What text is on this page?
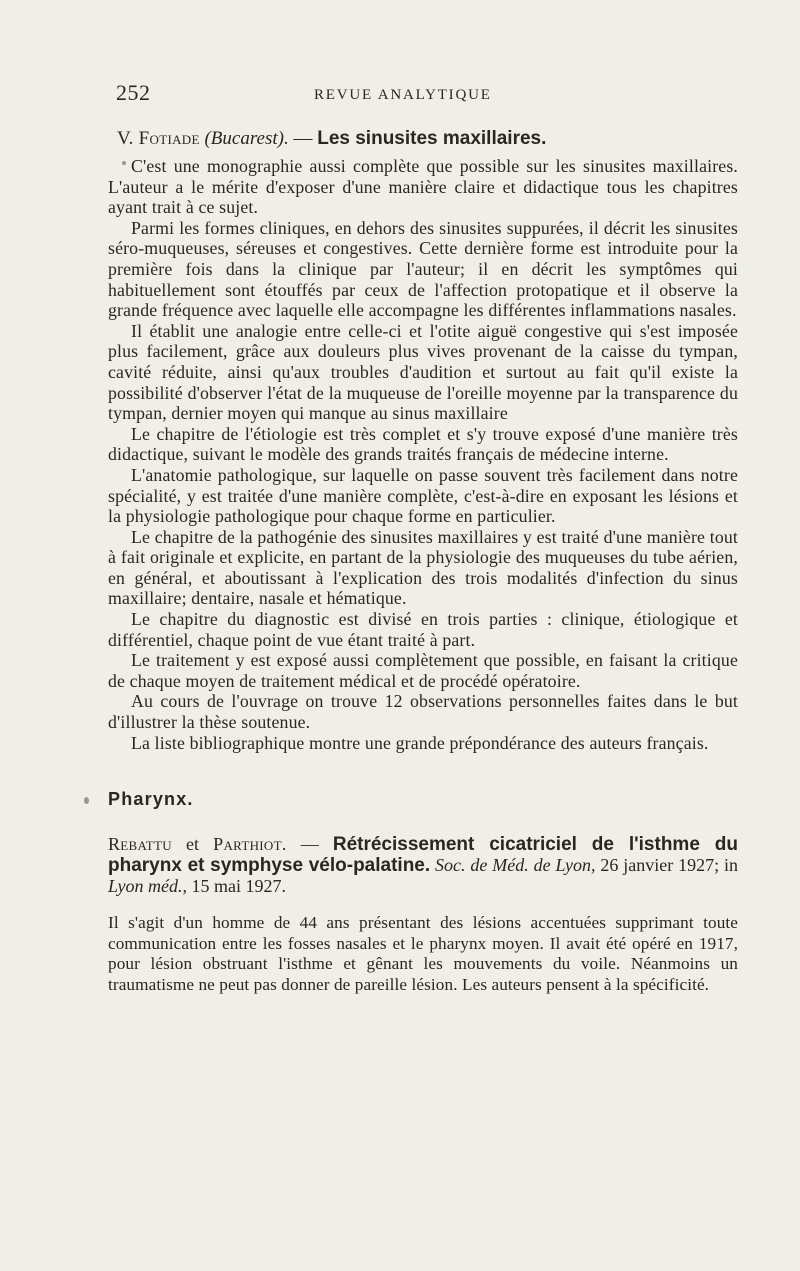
252	REVUE ANALYTIQUE
V. Fotiade (Bucarest). — Les sinusites maxillaires.

C'est une monographie aussi complète que possible sur les sinusites maxillaires. L'auteur a le mérite d'exposer d'une manière claire et didactique tous les chapitres ayant trait à ce sujet.

Parmi les formes cliniques, en dehors des sinusites suppurées, il décrit les sinusites séro-muqueuses, séreuses et congestives. Cette dernière forme est introduite pour la première fois dans la clinique par l'auteur; il en décrit les symptômes qui habituellement sont étouffés par ceux de l'affection protopatique et il observe la grande fréquence avec laquelle elle accompagne les différentes inflammations nasales.

Il établit une analogie entre celle-ci et l'otite aiguë congestive qui s'est imposée plus facilement, grâce aux douleurs plus vives provenant de la caisse du tympan, cavité réduite, ainsi qu'aux troubles d'audition et surtout au fait qu'il existe la possibilité d'observer l'état de la muqueuse de l'oreille moyenne par la transparence du tympan, dernier moyen qui manque au sinus maxillaire

Le chapitre de l'étiologie est très complet et s'y trouve exposé d'une manière très didactique, suivant le modèle des grands traités français de médecine interne.

L'anatomie pathologique, sur laquelle on passe souvent très facilement dans notre spécialité, y est traitée d'une manière complète, c'est-à-dire en exposant les lésions et la physiologie pathologique pour chaque forme en particulier.

Le chapitre de la pathogénie des sinusites maxillaires y est traité d'une manière tout à fait originale et explicite, en partant de la physiologie des muqueuses du tube aérien, en général, et aboutissant à l'explication des trois modalités d'infection du sinus maxillaire; dentaire, nasale et hématique.

Le chapitre du diagnostic est divisé en trois parties : clinique, étiologique et différentiel, chaque point de vue étant traité à part.

Le traitement y est exposé aussi complètement que possible, en faisant la critique de chaque moyen de traitement médical et de procédé opératoire.

Au cours de l'ouvrage on trouve 12 observations personnelles faites dans le but d'illustrer la thèse soutenue.

La liste bibliographique montre une grande prépondérance des auteurs français.

Pharynx.
Rebattu et Parthiot. — Rétrécissement cicatriciel de l'isthme du pharynx et symphyse vélo-palatine. Soc. de Méd. de Lyon, 26 janvier 1927; in Lyon méd., 15 mai 1927.

Il s'agit d'un homme de 44 ans présentant des lésions accentuées supprimant toute communication entre les fosses nasales et le pharynx moyen. Il avait été opéré en 1917, pour lésion obstruant l'isthme et gênant les mouvements du voile. Néanmoins un traumatisme ne peut pas donner de pareille lésion. Les auteurs pensent à la spécificité.
